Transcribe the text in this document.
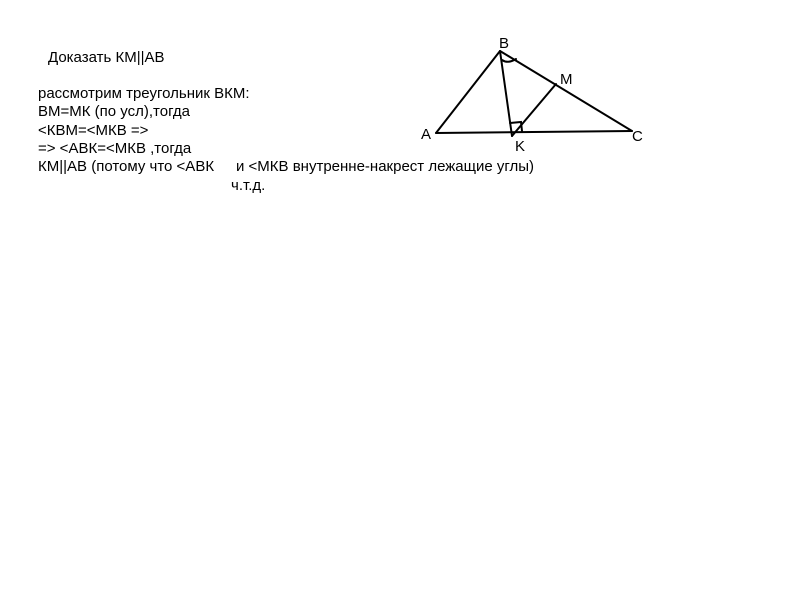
Доказать КМ||АВ
рассмотрим треугольник ВКМ:
ВМ=МК (по усл),тогда
<КВМ=<МКВ =>
=> <АВК=<МКВ ,тогда
КМ||АВ (потому что <АВК и <МКВ внутренне-накрест лежащие углы)
ч.т.д.
B
M
A	C
K
